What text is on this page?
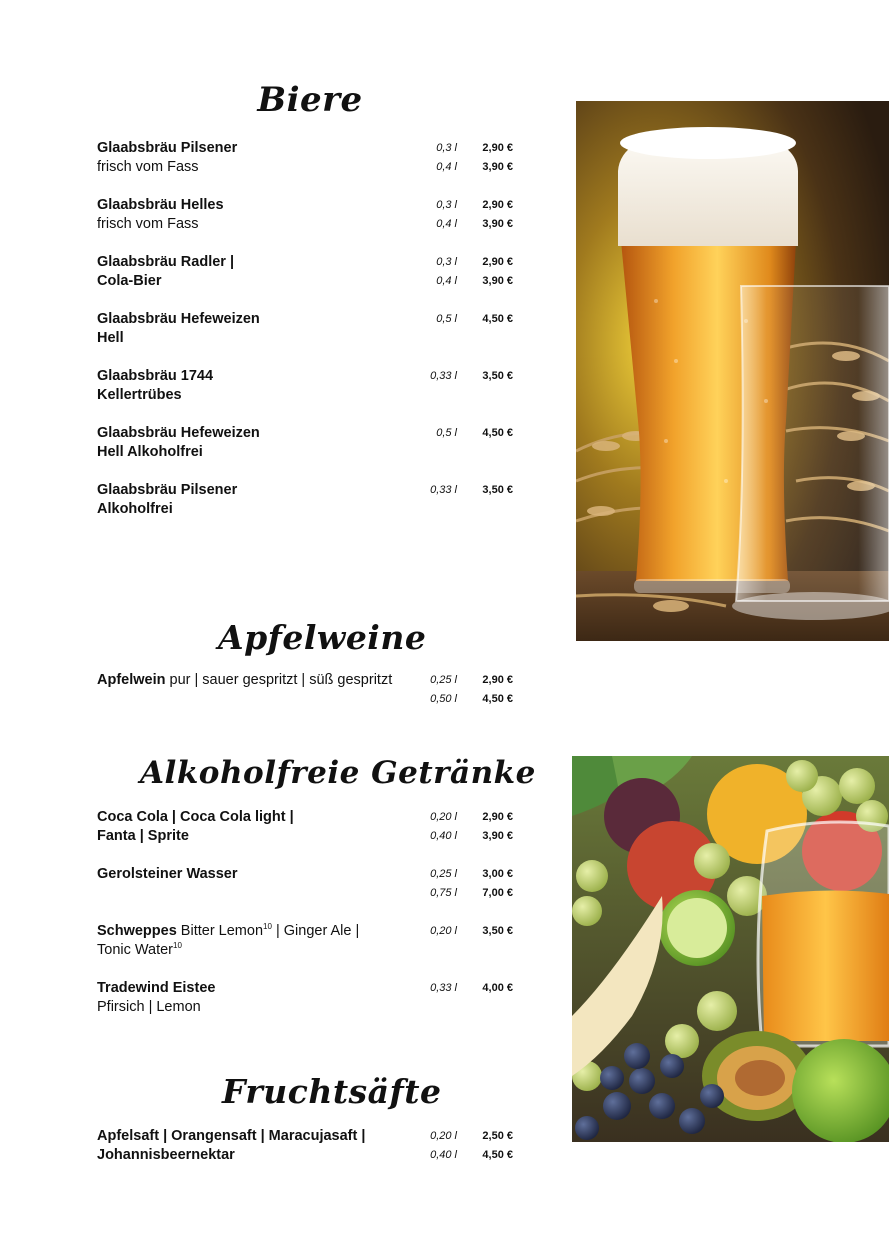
Biere
Glaabsbräu Pilsener	0,3 l 2,90 €
frisch vom Fass	0,4 l 3,90 €
Glaabsbräu Helles	0,3 l 2,90 €
frisch vom Fass	0,4 l 3,90 €
Glaabsbräu Radler |	0,3 l 2,90 €
Cola-Bier	0,4 l 3,90 €
Glaabsbräu Hefeweizen	0,5 l 4,50 €
Hell
Glaabsbräu 1744	0,33 l 3,50 €
Kellertrübes
Glaabsbräu Hefeweizen	0,5 l 4,50 €
Hell Alkoholfrei
Glaabsbräu Pilsener	0,33 l 3,50 €
Alkoholfrei
Apfelweine
Apfelwein pur | sauer gespritzt | süß gespritzt	0,25 l 2,90 €
0,50 l 4,50 €
Alkoholfreie Getränke
Coca Cola | Coca Cola light |	0,20 l 2,90 €
Fanta | Sprite	0,40 l 3,90 €
Gerolsteiner Wasser	0,25 l 3,00 €
0,75 l 7,00 €
Schweppes Bitter Lemon$^{10}$ | Ginger Ale |	0,20 l 3,50 €
Tonic Water$^{10}$
Tradewind Eistee	0,33 l 4,00 €
Pfirsich | Lemon
Fruchtsäfte
Apfelsaft | Orangensaft | Maracujasaft |	0,20 l 2,50 €
Johannisbeernektar	0,40 l 4,50 €
